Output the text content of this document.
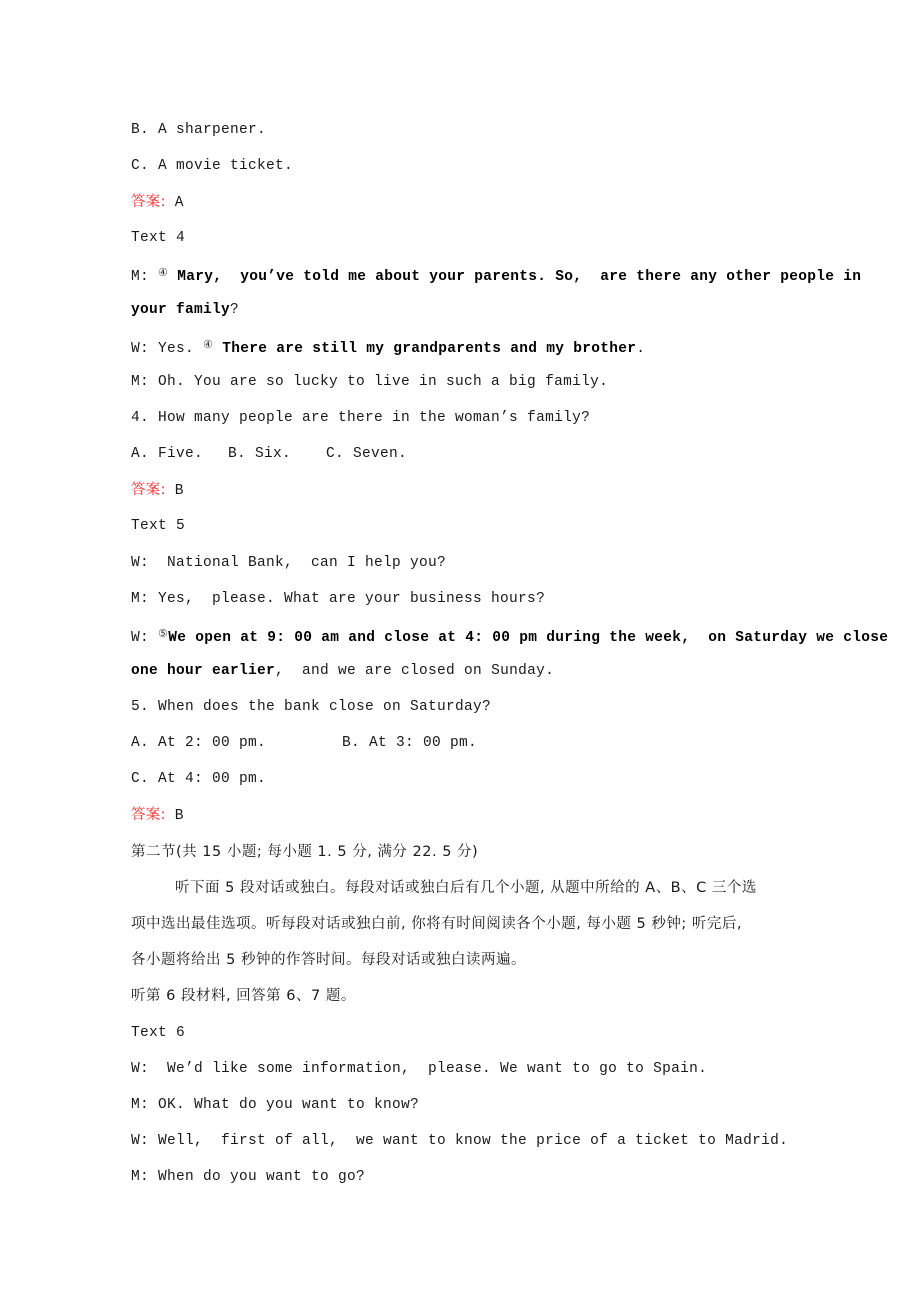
B. A sharpener.
C. A movie ticket.
答案: A
Text 4
M: ④ Mary,  you’ve told me about your parents. So,  are there any other people in
your family?
W: Yes. ④ There are still my grandparents and my brother.
M: Oh. You are so lucky to live in such a big family.
4. How many people are there in the woman’s family?
A. Five. B. Six. C. Seven.
答案: B
Text 5
W:  National Bank,  can I help you?
M: Yes,  please. What are your business hours?
W: ⑤We open at 9: 00 am and close at 4: 00 pm during the week,  on Saturday we close
one hour earlier,  and we are closed on Sunday.
5. When does the bank close on Saturday?
A. At 2: 00 pm.	B. At 3: 00 pm.
C. At 4: 00 pm.
答案: B
第二节(共 15 小题; 每小题 1. 5 分, 满分 22. 5 分)
听下面 5 段对话或独白。每段对话或独白后有几个小题, 从题中所给的 A、B、C 三个选
项中选出最佳选项。听每段对话或独白前, 你将有时间阅读各个小题, 每小题 5 秒钟; 听完后,
各小题将给出 5 秒钟的作答时间。每段对话或独白读两遍。
听第 6 段材料, 回答第 6、7 题。
Text 6
W:  We’d like some information,  please. We want to go to Spain.
M: OK. What do you want to know?
W: Well,  first of all,  we want to know the price of a ticket to Madrid.
M: When do you want to go?
